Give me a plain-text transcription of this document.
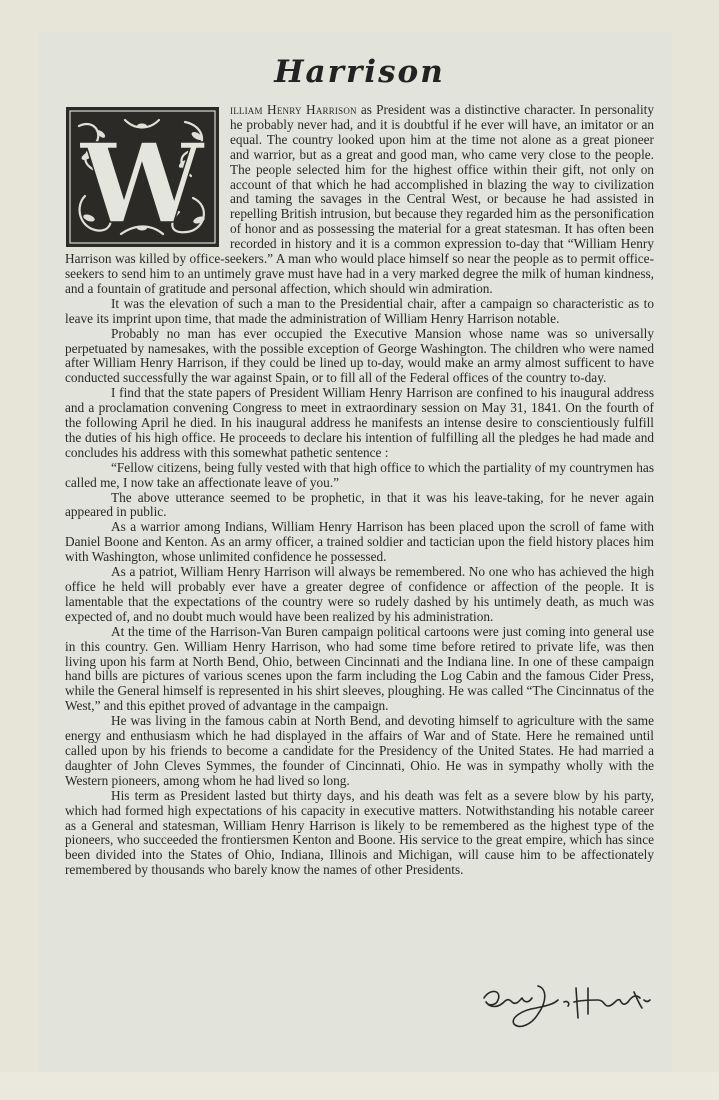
Harrison
W

illiam Henry Harrison as President was a distinctive character. In personality he probably never had, and it is doubtful if he ever will have, an imitator or an equal. The country looked upon him at the time not alone as a great pioneer and warrior, but as a great and good man, who came very close to the people. The people selected him for the highest office within their gift, not only on account of that which he had accomplished in blazing the way to civilization and taming the savages in the Central West, or because he had assisted in repelling British intrusion, but because they regarded him as the personification of honor and as possessing the material for a great statesman. It has often been recorded in history and it is a common expression to-day that “William Henry Harrison was killed by office-seekers.” A man who would place himself so near the people as to permit office-seekers to send him to an untimely grave must have had in a very marked degree the milk of human kindness, and a fountain of gratitude and personal affection, which should win admiration.

It was the elevation of such a man to the Presidential chair, after a campaign so characteristic as to leave its imprint upon time, that made the administration of William Henry Harrison notable.

Probably no man has ever occupied the Executive Mansion whose name was so universally perpetuated by namesakes, with the possible exception of George Washington. The children who were named after William Henry Harrison, if they could be lined up to-day, would make an army almost sufficent to have conducted successfully the war against Spain, or to fill all of the Federal offices of the country to-day.

I find that the state papers of President William Henry Harrison are confined to his inaugural address and a proclamation convening Congress to meet in extraordinary session on May 31, 1841. On the fourth of the following April he died. In his inaugural address he manifests an intense desire to conscientiously fulfill the duties of his high office. He proceeds to declare his intention of fulfilling all the pledges he had made and concludes his address with this somewhat pathetic sentence :

“Fellow citizens, being fully vested with that high office to which the partiality of my countrymen has called me, I now take an affectionate leave of you.”

The above utterance seemed to be prophetic, in that it was his leave-taking, for he never again appeared in public.

As a warrior among Indians, William Henry Harrison has been placed upon the scroll of fame with Daniel Boone and Kenton. As an army officer, a trained soldier and tactician upon the field history places him with Washington, whose unlimited confidence he possessed.

As a patriot, William Henry Harrison will always be remembered. No one who has achieved the high office he held will probably ever have a greater degree of confidence or affection of the people. It is lamentable that the expectations of the country were so rudely dashed by his untimely death, as much was expected of, and no doubt much would have been realized by his administration.

At the time of the Harrison-Van Buren campaign political cartoons were just coming into general use in this country. Gen. William Henry Harrison, who had some time before retired to private life, was then living upon his farm at North Bend, Ohio, between Cincinnati and the Indiana line. In one of these campaign hand bills are pictures of various scenes upon the farm including the Log Cabin and the famous Cider Press, while the General himself is represented in his shirt sleeves, ploughing. He was called “The Cincinnatus of the West,” and this epithet proved of advantage in the campaign.

He was living in the famous cabin at North Bend, and devoting himself to agriculture with the same energy and enthusiasm which he had displayed in the affairs of War and of State. Here he remained until called upon by his friends to become a candidate for the Presidency of the United States. He had married a daughter of John Cleves Symmes, the founder of Cincinnati, Ohio. He was in sympathy wholly with the Western pioneers, among whom he had lived so long.

His term as President lasted but thirty days, and his death was felt as a severe blow by his party, which had formed high expectations of his capacity in executive matters. Notwithstanding his notable career as a General and statesman, William Henry Harrison is likely to be remembered as the highest type of the pioneers, who succeeded the frontiersmen Kenton and Boone. His service to the great empire, which has since been divided into the States of Ohio, Indiana, Illinois and Michigan, will cause him to be affectionately remembered by thousands who barely know the names of other Presidents.
